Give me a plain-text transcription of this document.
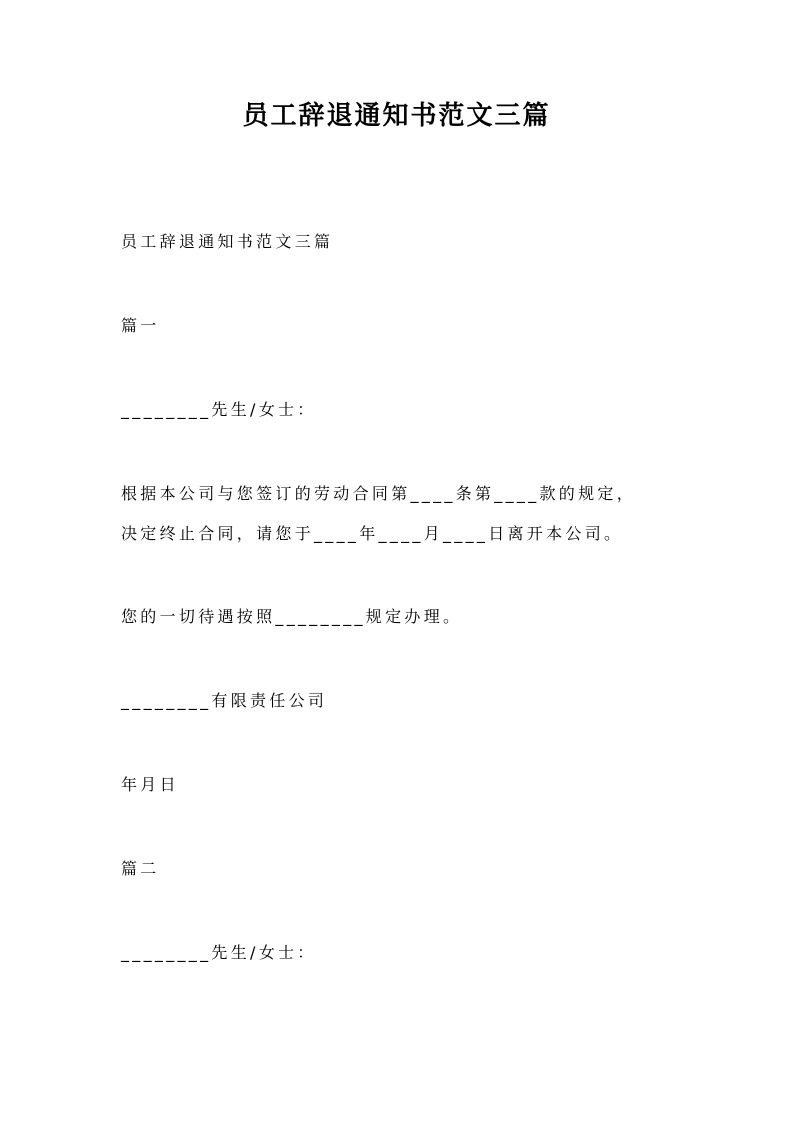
员工辞退通知书范文三篇
员工辞退通知书范文三篇
篇一
________先生/女士：
根据本公司与您签订的劳动合同第____条第____款的规定，
决定终止合同，请您于____年____月____日离开本公司。
您的一切待遇按照________规定办理。
________有限责任公司
年月日
篇二
________先生/女士：
